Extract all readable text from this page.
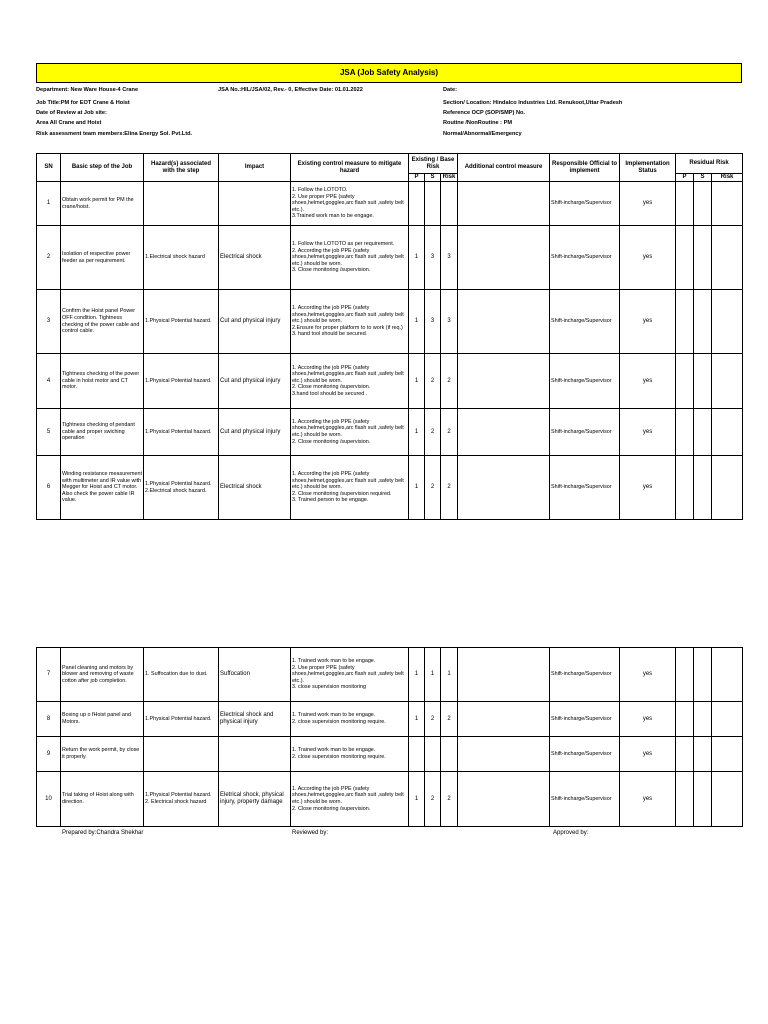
JSA (Job Safety Analysis)
Department: New Ware House-4 Crane	JSA No.:HIL/JSA/02, Rev.- 0, Effective Date: 01.01.2022	Date:
Job Title:PM for EOT Crane & Hoist	Section/ Location: Hindalco Industries Ltd. Renukoot,Uttar Pradesh
Date of Review at Job site:	Reference OCP (SOP/SMP) No.
Area All Crane and Hoist	Routine /NonRoutine : PM
Risk assessment team members:Elina Energy Sol. Pvt.Ltd.	Normal/Abnormal/Emergency
SN	Basic step of the Job	Hazard(s) associated with the step	Impact	Existing control measure to mitigate hazard	Existing / Base Risk			Additional control measure	Responsible Official to implement	Implementation Status	Residual Risk		
					P	S	Risk				P	S	Risk
1	Obtain work permit for PM the crane/hoist.			1. Follow the LOTOTO.
2. Use proper PPE (safety shoes,helmet,goggles,arc flash suit ,safety belt etc.).
3.Trained work man to be engage.					Shift-incharge/Supervisor	yes			
2	Isolation of respective power feeder as per requirement.	1.Electrical shock hazard	Electrical shock	1. Follow the LOTOTO as per requirement.
2. According the job PPE (safety shoes,helmet,goggles,arc flash suit ,safety belt etc.) should be worn.
3. Close monitoring /supervision.	1	3	3		Shift-incharge/Supervisor	yes			
3	Confirm the Hoist panel Power OFF condition. Tightness checking of the power cable and control cable.	1.Physical Potential hazard.	Cut and physical injury	1. According the job PPE (safety shoes,helmet,goggles,arc flash suit ,safety belt etc.) should be worn.
2.Ensure for proper platform to to work (if req.)
3. hand tool should be secured.	1	3	3		Shift-incharge/Supervisor	yes			
4	Tightness checking of the power cable in hoist motor and CT motor.	1.Physical Potential hazard.	Cut and physical injury	1. According the job PPE (safety shoes,helmet,goggles,arc flash suit ,safety belt etc.) should be worn.
2. Close monitoring /supervision.
3.hand tool should be secured .	1	2	2		Shift-incharge/Supervisor	yes			
5	Tightness checking of pendant cable and proper swiching operation	1.Physical Potential hazard.	Cut and physical injury	1. According the job PPE (safety shoes,helmet,goggles,arc flash suit ,safety belt etc.) should be worn.
2. Close monitoring /supervision.	1	2	2		Shift-incharge/Supervisor	yes			
6	Winding resistance measurement with multimeter and IR value with Megger for Hoist and CT motor. Also check the power cable IR value.	1.Physical Potential hazard.
2.Electrical shock hazard.	Electrical shock	1. According the job PPE (safety shoes,helmet,goggles,arc flash suit ,safety belt etc.) should be worn.
2. Close monitoring /supervision required.
3. Trained person to be engage.	1	2	2		Shift-incharge/Supervisor	yes			
7	Panel cleaning and motors by blower and removing of waste cotton after job completion.	1. Suffocation due to dust.	Suffocation	1. Trained work man to be engage.
2. Use proper PPE (safety shoes,helmet,goggles,arc flash suit ,safety belt etc.).
3. close supervision monitoring	1	1	1		Shift-incharge/Supervisor	yes			
8	Boxing up o fHoist panel and Motors.	1.Physical Potential hazard.	Electrical shock and physical injury	1. Trained work man to be engage.
2. close supervision monitoring require.	1	2	2		Shift-incharge/Supervisor	yes			
9	Return the work permit, by close it properly.			1. Trained work man to be engage.
2. close supervision monitoring require.					Shift-incharge/Supervisor	yes			
10	Trial taking of Hoist along with direction.	1.Physical Potential hazard.
2. Electrical shock hazard	Eletrical shock, physical injury, property damage	1. According the job PPE (safety shoes,helmet,goggles,arc flash suit ,safety belt etc.) should be worn.
2. Close monitoring /supervision.	1	2	2		Shift-incharge/Supervisor	yes			
Prepared by:Chandra Shekhar	Reviewed by:	Approved by:
